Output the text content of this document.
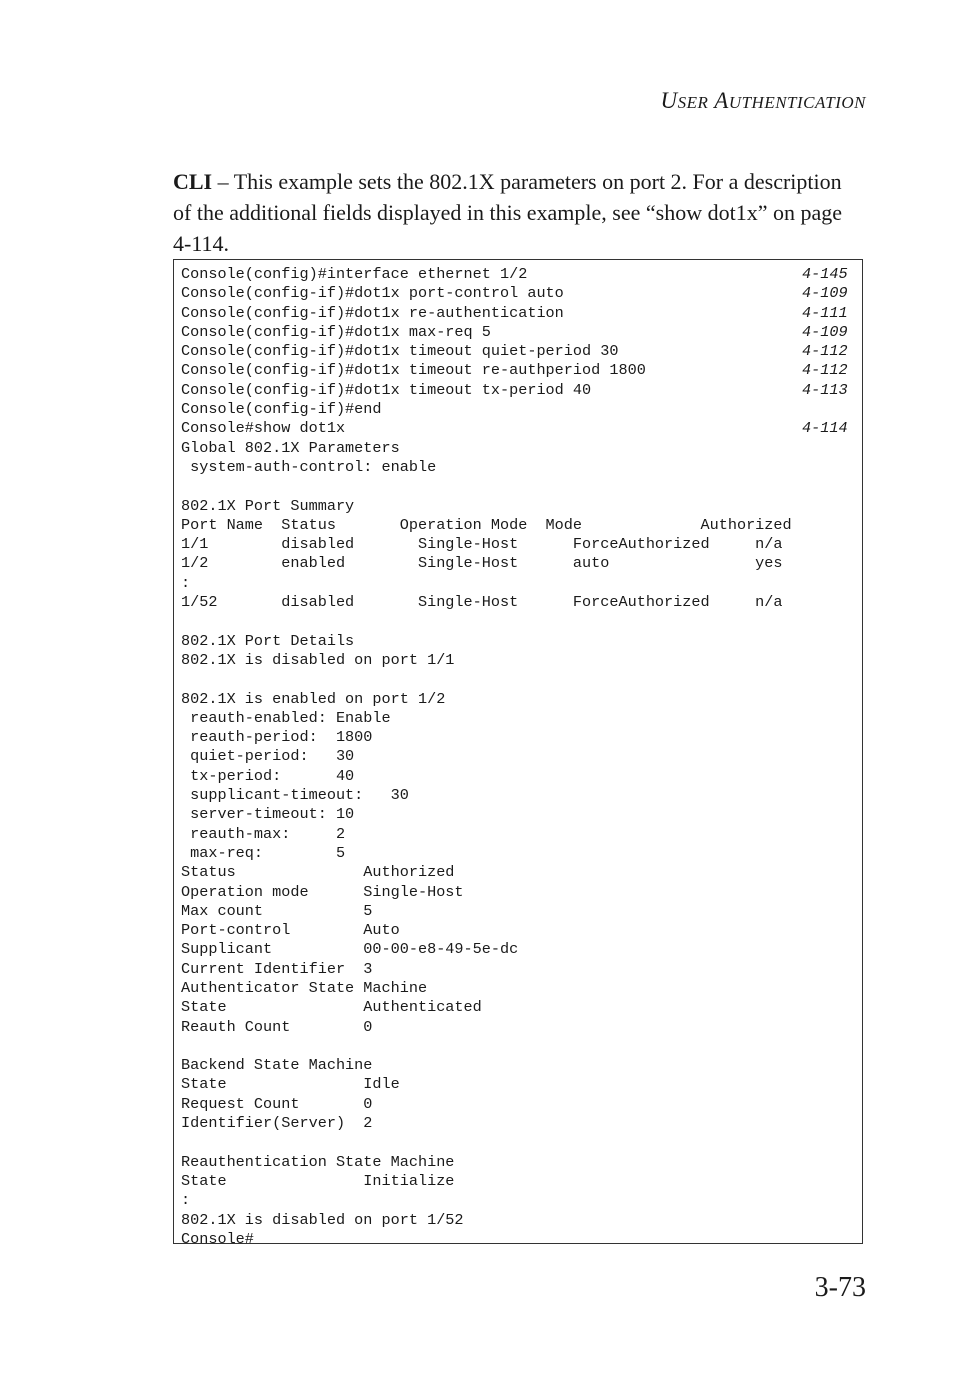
USER AUTHENTICATION
CLI – This example sets the 802.1X parameters on port 2. For a description of the additional fields displayed in this example, see “show dot1x” on page 4-114.
Console(config)#interface ethernet 1/2
Console(config-if)#dot1x port-control auto
Console(config-if)#dot1x re-authentication
Console(config-if)#dot1x max-req 5
Console(config-if)#dot1x timeout quiet-period 30
Console(config-if)#dot1x timeout re-authperiod 1800
Console(config-if)#dot1x timeout tx-period 40
Console(config-if)#end
Console#show dot1x
Global 802.1X Parameters
system-auth-control: enable

802.1X Port Summary
Port Name  Status       Operation Mode  Mode             Authorized
1/1        disabled       Single-Host      ForceAuthorized     n/a
1/2        enabled        Single-Host      auto                yes
:
1/52       disabled       Single-Host      ForceAuthorized     n/a

802.1X Port Details
802.1X is disabled on port 1/1

802.1X is enabled on port 1/2
reauth-enabled: Enable
reauth-period:  1800
quiet-period:   30
tx-period:      40
supplicant-timeout:   30
server-timeout: 10
reauth-max:     2
max-req:        5
Status              Authorized
Operation mode      Single-Host
Max count           5
Port-control        Auto
Supplicant          00-00-e8-49-5e-dc
Current Identifier  3
Authenticator State Machine
State               Authenticated
Reauth Count        0

Backend State Machine
State               Idle
Request Count       0
Identifier(Server)  2

Reauthentication State Machine
State               Initialize
:
802.1X is disabled on port 1/52
Console#

4-145
4-109
4-111
4-109
4-112
4-112
4-113
4-114
3-73
